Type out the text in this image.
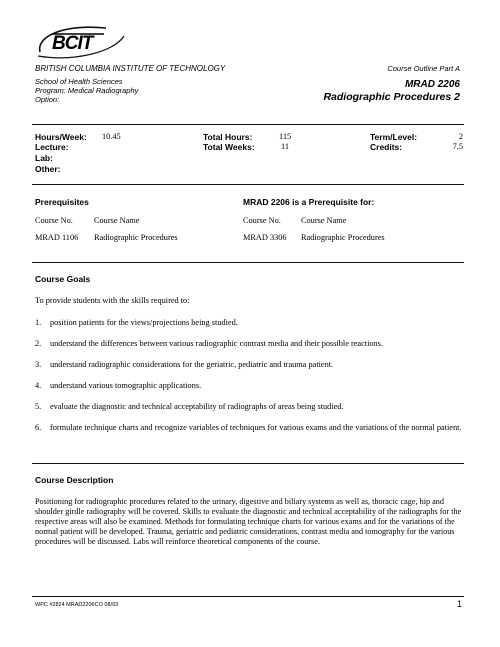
BCIT
BRITISH COLUMBIA INSTITUTE OF TECHNOLOGY
School of Health Sciences
Program: Medical Radiography
Option:
Course Outline Part A
MRAD 2206
Radiographic Procedures 2
Hours/Week: 10.45
Lecture:
Lab:
Other:
Total Hours:	115
Total Weeks:	11
Term/Level:	2
Credits:	7.5
Prerequisites
Course No.	Course Name
MRAD 1106 Radiographic Procedures
MRAD 2206 is a Prerequisite for:
Course No. Course Name
MRAD 3306 Radiographic Procedures
Course Goals
To provide students with the skills required to:
1.	position patients for the views/projections being studied.
2.	understand the differences between various radiographic contrast media and their possible reactions.
3.	understand radiographic considerations for the geriatric, pediatric and trauma patient.
4.	understand various tomographic applications.
5.	evaluate the diagnostic and technical acceptability of radiographs of areas being studied.
6.	formulate technique charts and recognize variables of techniques for various exams and the variations of the normal patient.
Course Description
Positioning for radiographic procedures related to the urinary, digestive and biliary systems as well as, thoracic cage, hip and shoulder girdle radiography will be covered. Skills to evaluate the diagnostic and technical acceptability of the radiographs for the respective areas will also be examined. Methods for formulating technique charts for various exams and for the variations of the normal patient will be developed. Trauma, geriatric and pediatric considerations, contrast media and tomography for the various procedures will be discussed. Labs will reinforce theoretical components of the course.
WPC #2824 MRAD2206CO 08/93	1
